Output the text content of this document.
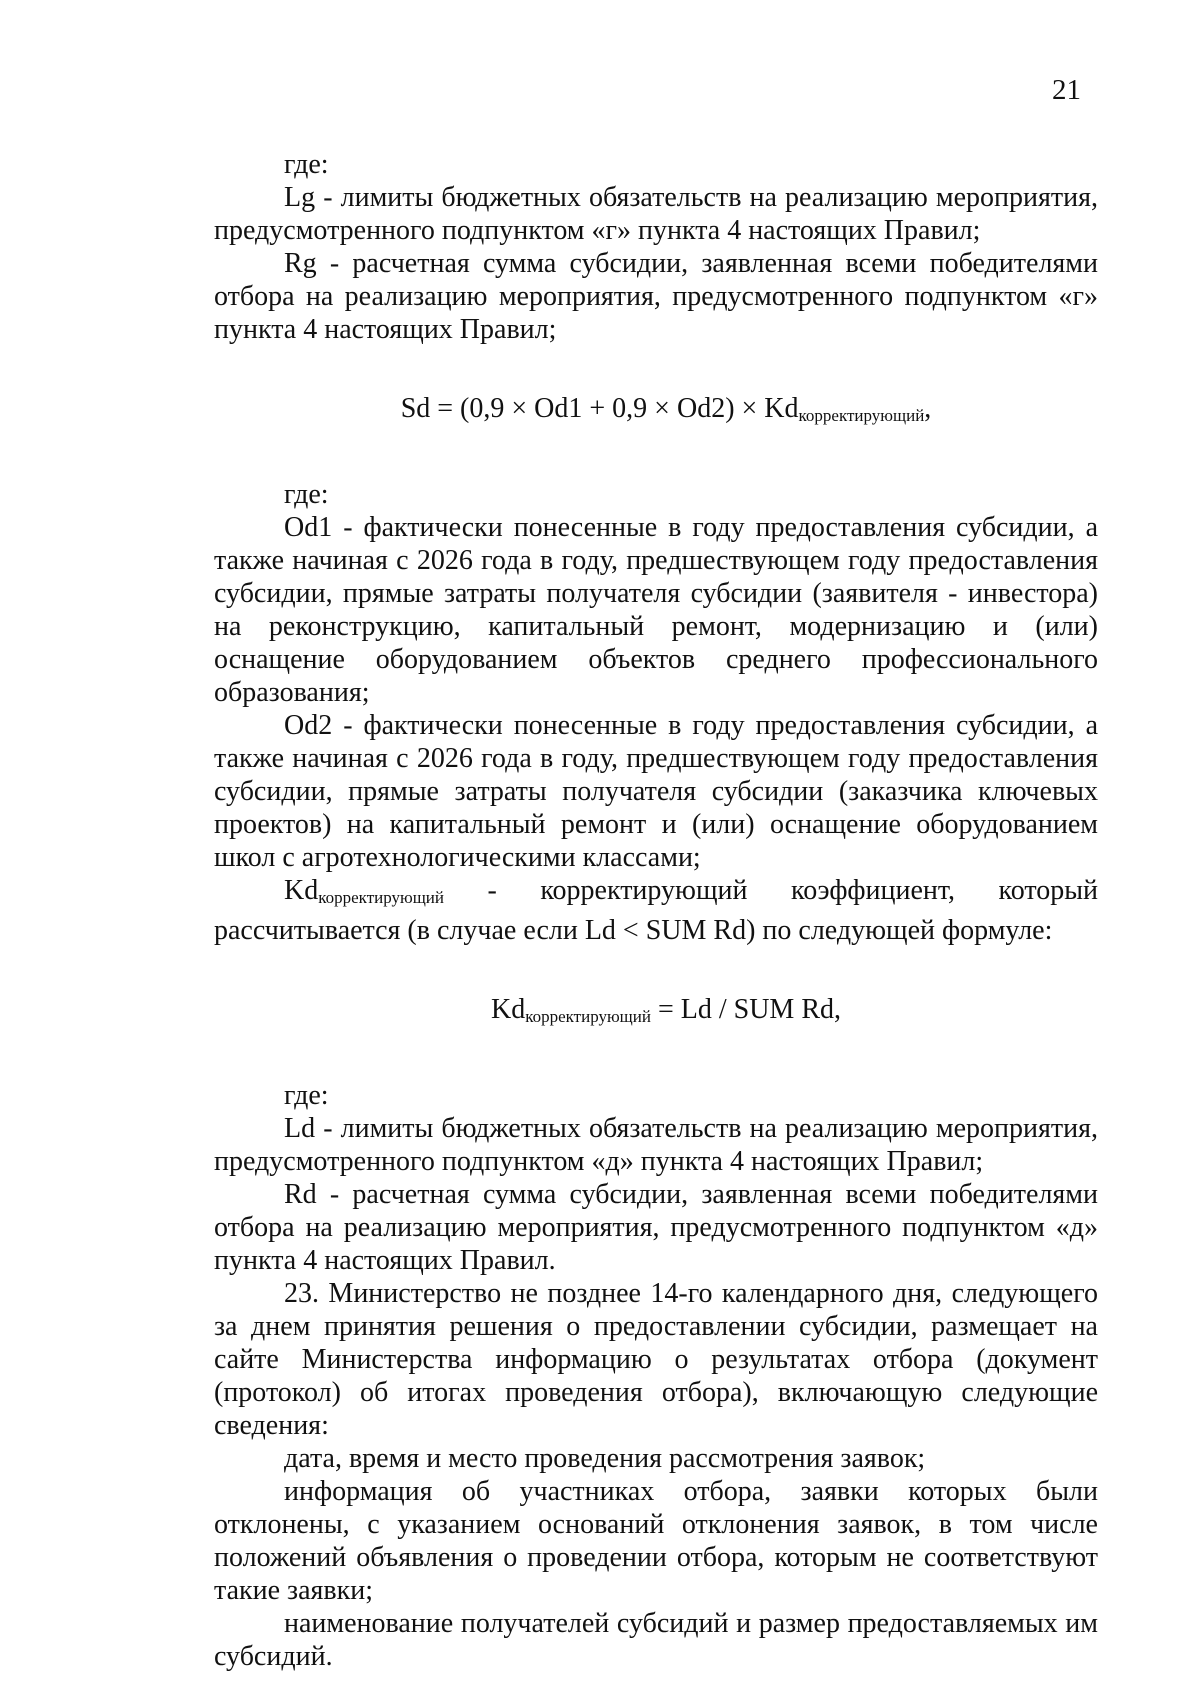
21

где:

Lg - лимиты бюджетных обязательств на реализацию мероприятия, предусмотренного подпунктом «г» пункта 4 настоящих Правил;

Rg - расчетная сумма субсидии, заявленная всеми победителями отбора на реализацию мероприятия, предусмотренного подпунктом «г» пункта 4 настоящих Правил;

$Sd = (0,9 \times Od1 + 0,9 \times Od2) \times Kd_{корректирующий}$,

где:

Od1 - фактически понесенные в году предоставления субсидии, а также начиная с 2026 года в году, предшествующем году предоставления субсидии, прямые затраты получателя субсидии (заявителя - инвестора) на реконструкцию, капитальный ремонт, модернизацию и (или) оснащение оборудованием объектов среднего профессионального образования;

Od2 - фактически понесенные в году предоставления субсидии, а также начиная с 2026 года в году, предшествующем году предоставления субсидии, прямые затраты получателя субсидии (заказчика ключевых проектов) на капитальный ремонт и (или) оснащение оборудованием школ с агротехнологическими классами;

$Kd_{корректирующий}$ - корректирующий коэффициент, который рассчитывается (в случае если Ld < SUM Rd) по следующей формуле:

$Kd_{корректирующий} = Ld$ / SUM Rd,

где:

Ld - лимиты бюджетных обязательств на реализацию мероприятия, предусмотренного подпунктом «д» пункта 4 настоящих Правил;

Rd - расчетная сумма субсидии, заявленная всеми победителями отбора на реализацию мероприятия, предусмотренного подпунктом «д» пункта 4 настоящих Правил.

23. Министерство не позднее 14-го календарного дня, следующего за днем принятия решения о предоставлении субсидии, размещает на сайте Министерства информацию о результатах отбора (документ (протокол) об итогах проведения отбора), включающую следующие сведения:

дата, время и место проведения рассмотрения заявок;

информация об участниках отбора, заявки которых были отклонены, с указанием оснований отклонения заявок, в том числе положений объявления о проведении отбора, которым не соответствуют такие заявки;

наименование получателей субсидий и размер предоставляемых им субсидий.
